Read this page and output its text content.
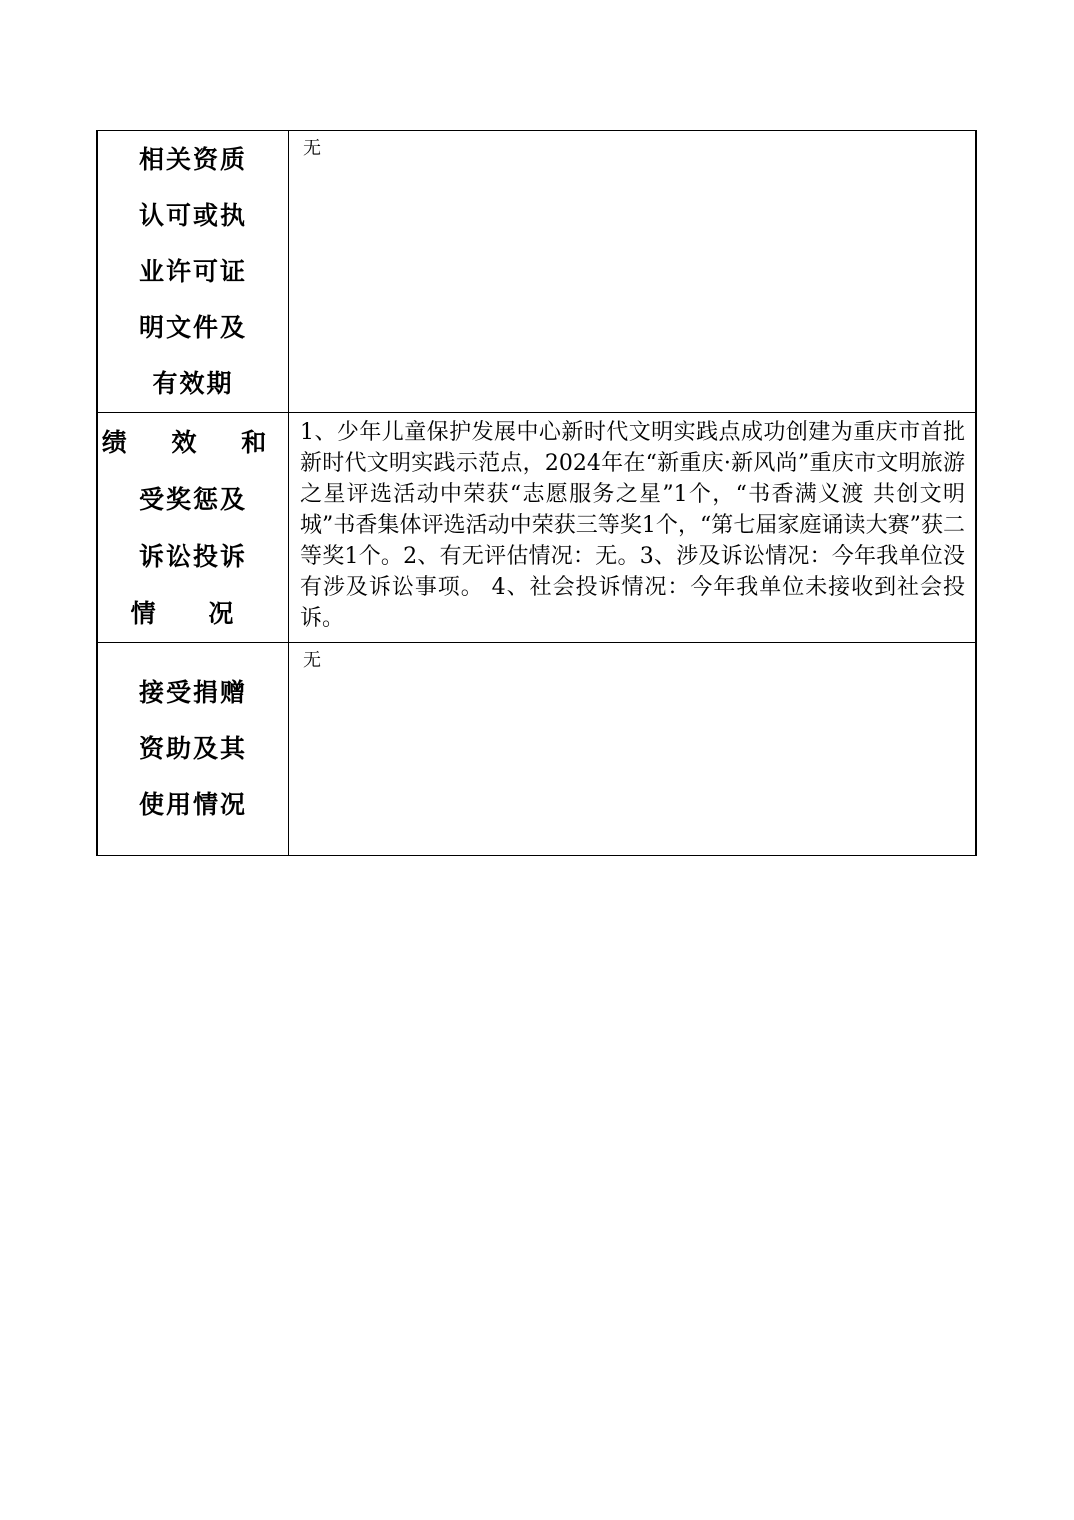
相关资质
认可或执
业许可证
明文件及
有效期	无

绩 效 和
受奖惩及
诉讼投诉
情 况	1、少年儿童保护发展中心新时代文明实践点成功创建为重庆市首批新时代文明实践示范点，2024年在“新重庆·新风尚”重庆市文明旅游之星评选活动中荣获“志愿服务之星”1个，“书香满义渡 共创文明城”书香集体评选活动中荣获三等奖1个，“第七届家庭诵读大赛”获二等奖1个。2、有无评估情况：无。3、涉及诉讼情况：今年我单位没有涉及诉讼事项。 4、社会投诉情况：今年我单位未接收到社会投诉。

接受捐赠
资助及其
使用情况	无
